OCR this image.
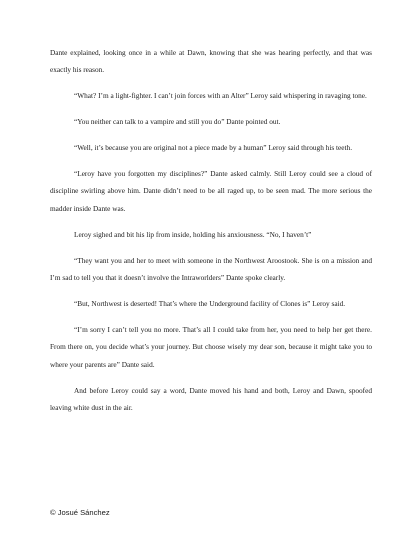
Dante explained, looking once in a while at Dawn, knowing that she was hearing perfectly, and that was exactly his reason.

“What? I’m a light-fighter. I can’t join forces with an Alter” Leroy said whispering in ravaging tone.

“You neither can talk to a vampire and still you do” Dante pointed out.

“Well, it’s because you are original not a piece made by a human” Leroy said through his teeth.

“Leroy have you forgotten my disciplines?” Dante asked calmly. Still Leroy could see a cloud of discipline swirling above him. Dante didn’t need to be all raged up, to be seen mad. The more serious the madder inside Dante was.

Leroy sighed and bit his lip from inside, holding his anxiousness. “No, I haven’t”

“They want you and her to meet with someone in the Northwest Aroostook. She is on a mission and I’m sad to tell you that it doesn’t involve the Intraworlders” Dante spoke clearly.

“But, Northwest is deserted! That’s where the Underground facility of Clones is” Leroy said.

“I’m sorry I can’t tell you no more. That’s all I could take from her, you need to help her get there. From there on, you decide what’s your journey. But choose wisely my dear son, because it might take you to where your parents are” Dante said.

And before Leroy could say a word, Dante moved his hand and both, Leroy and Dawn, spoofed leaving white dust in the air.

© Josué Sánchez
